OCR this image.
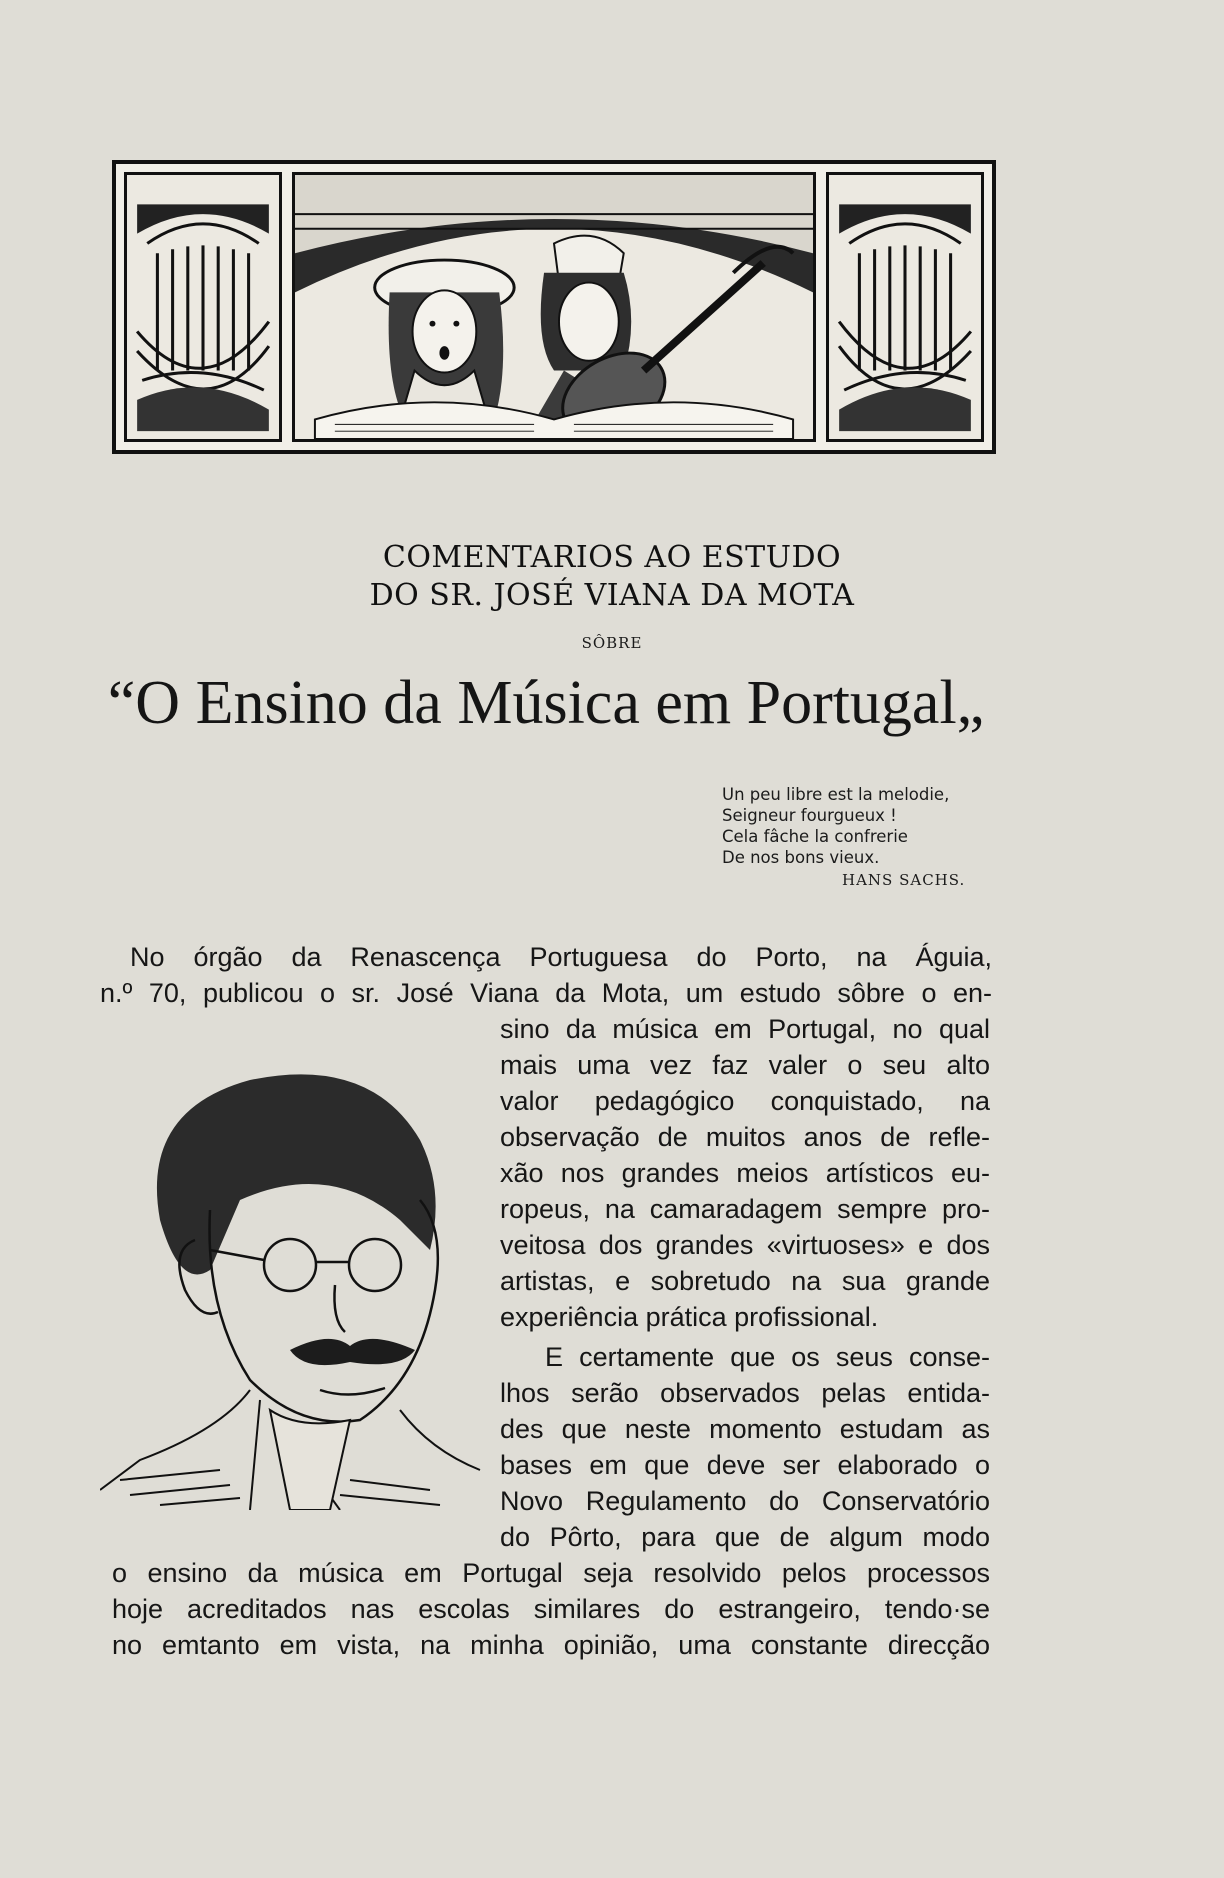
COMENTARIOS AO ESTUDO
DO SR. JOSÉ VIANA DA MOTA
SÔBRE
“O Ensino da Música em Portugal„
Un peu libre est la melodie,
Seigneur fourgueux !
Cela fâche la confrerie
De nos bons vieux.
HANS SACHS.
No órgão da Renascença Portuguesa do Porto, na Águia,
n.º 70, publicou o sr. José Viana da Mota, um estudo sôbre o en-
sino da música em Portugal, no qual
mais uma vez faz valer o seu alto
valor pedagógico conquistado, na
observação de muitos anos de refle-
xão nos grandes meios artísticos eu-
ropeus, na camaradagem sempre pro-
veitosa dos grandes «virtuoses» e dos
artistas, e sobretudo na sua grande
experiência prática profissional.
E certamente que os seus conse-
lhos serão observados pelas entida-
des que neste momento estudam as
bases em que deve ser elaborado o
Novo Regulamento do Conservatório
do Pôrto, para que de algum modo
o ensino da música em Portugal seja resolvido pelos processos
hoje acreditados nas escolas similares do estrangeiro, tendo·se
no emtanto em vista, na minha opinião, uma constante direcção
